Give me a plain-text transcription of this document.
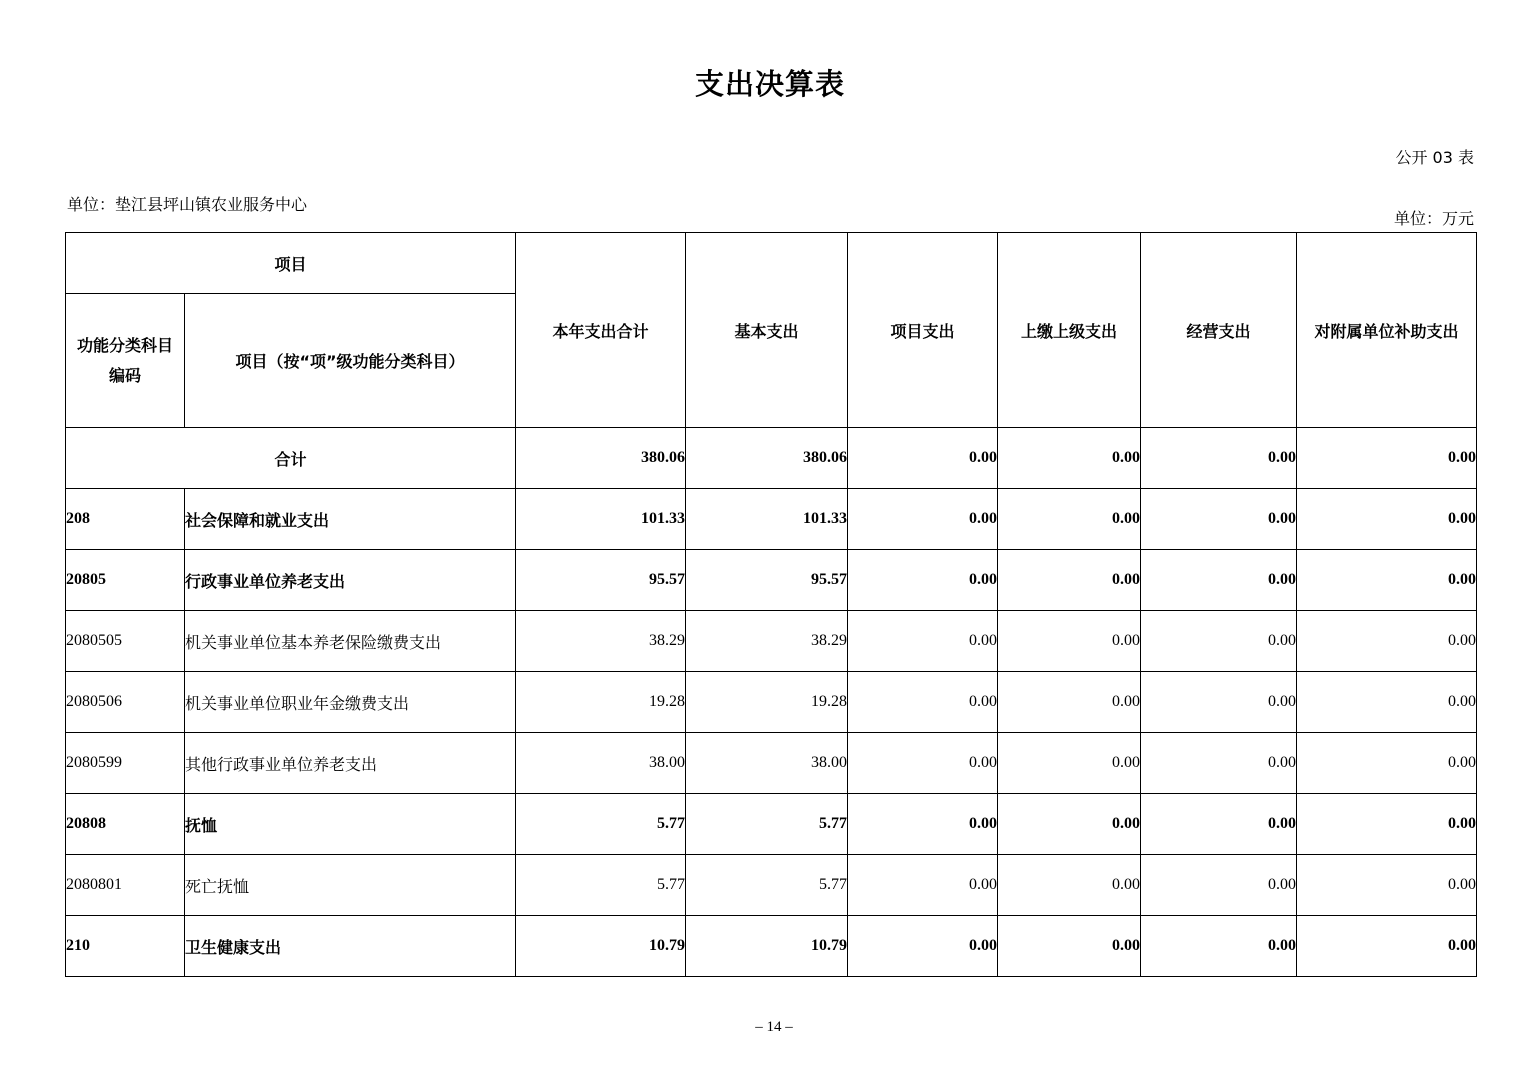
支出决算表
公开 03 表
单位：垫江县坪山镇农业服务中心
单位：万元
项目		本年支出合计	基本支出	项目支出	上缴上级支出	经营支出	对附属单位补助支出

功能分类科目
编码	项目（按“项”级功能分类科目）						
合计		380.06	380.06	0.00	0.00	0.00	0.00
208	社会保障和就业支出	101.33	101.33	0.00	0.00	0.00	0.00
20805	行政事业单位养老支出	95.57	95.57	0.00	0.00	0.00	0.00
2080505	机关事业单位基本养老保险缴费支出	38.29	38.29	0.00	0.00	0.00	0.00
2080506	机关事业单位职业年金缴费支出	19.28	19.28	0.00	0.00	0.00	0.00
2080599	其他行政事业单位养老支出	38.00	38.00	0.00	0.00	0.00	0.00
20808	抚恤	5.77	5.77	0.00	0.00	0.00	0.00
2080801	死亡抚恤	5.77	5.77	0.00	0.00	0.00	0.00
210	卫生健康支出	10.79	10.79	0.00	0.00	0.00	0.00
– 14 –
